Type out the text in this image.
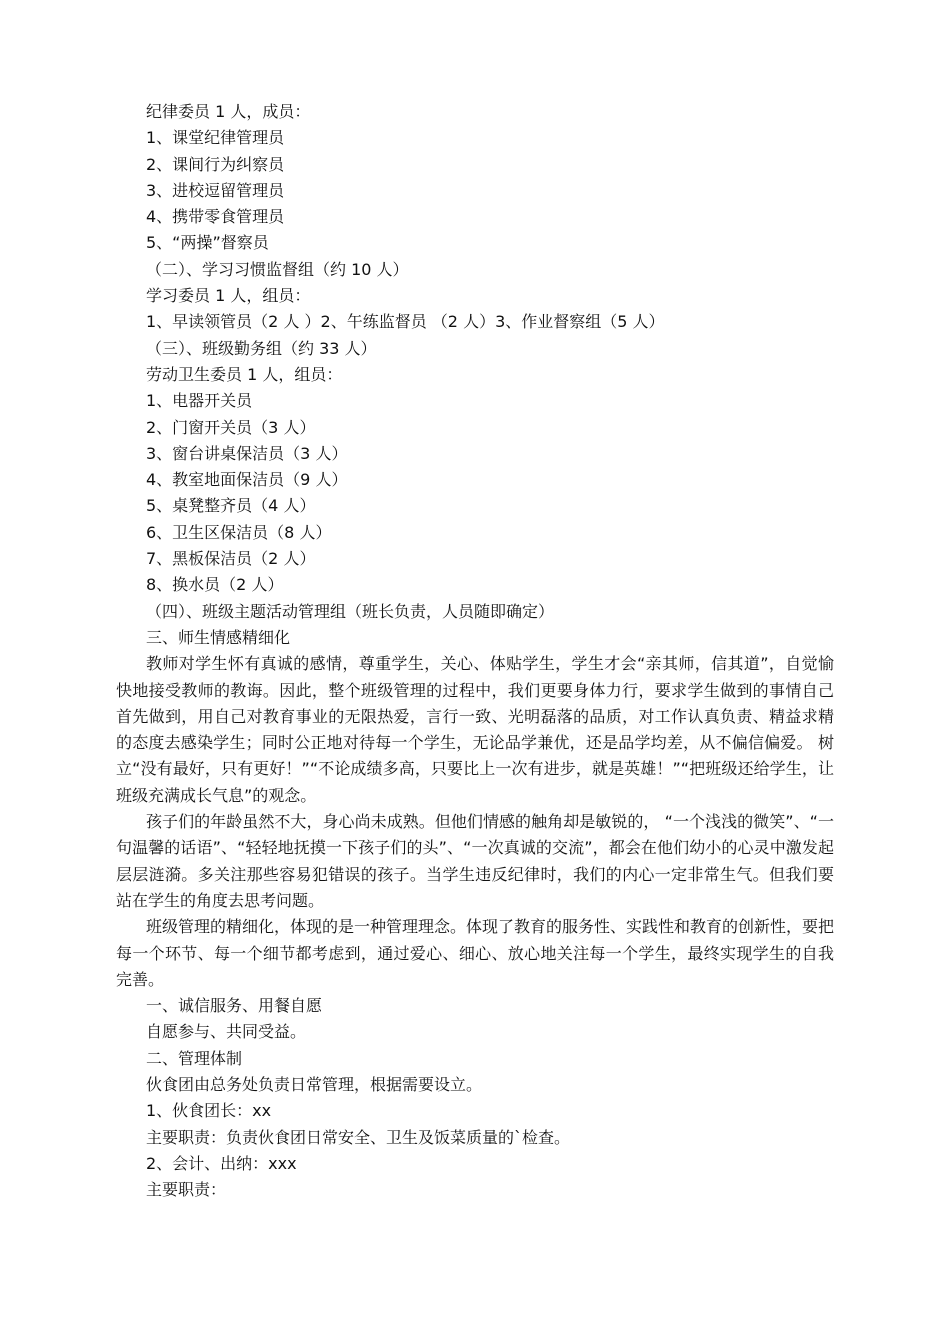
纪律委员 1 人，成员：
1、课堂纪律管理员
2、课间行为纠察员
3、进校逗留管理员
4、携带零食管理员
5、“两操”督察员
（二）、学习习惯监督组（约 10 人）
学习委员 1 人，组员：
1、早读领管员（2 人 ）2、午练监督员 （2 人）3、作业督察组（5 人）
（三）、班级勤务组（约 33 人）
劳动卫生委员 1 人，组员：
1、电器开关员
2、门窗开关员（3 人）
3、窗台讲桌保洁员（3 人）
4、教室地面保洁员（9 人）
5、桌凳整齐员（4 人）
6、卫生区保洁员（8 人）
7、黑板保洁员（2 人）
8、换水员（2 人）
（四）、班级主题活动管理组（班长负责，人员随即确定）
三、师生情感精细化

教师对学生怀有真诚的感情，尊重学生，关心、体贴学生，学生才会“亲其师，信其道”，自觉愉快地接受教师的教诲。因此，整个班级管理的过程中，我们更要身体力行，要求学生做到的事情自己首先做到，用自己对教育事业的无限热爱，言行一致、光明磊落的品质，对工作认真负责、精益求精的态度去感染学生；同时公正地对待每一个学生，无论品学兼优，还是品学均差，从不偏信偏爱。 树立“没有最好，只有更好！”“不论成绩多高，只要比上一次有进步，就是英雄！”“把班级还给学生，让班级充满成长气息”的观念。

孩子们的年龄虽然不大，身心尚未成熟。但他们情感的触角却是敏锐的， “一个浅浅的微笑”、“一句温馨的话语”、“轻轻地抚摸一下孩子们的头”、“一次真诚的交流”，都会在他们幼小的心灵中激发起层层涟漪。多关注那些容易犯错误的孩子。当学生违反纪律时，我们的内心一定非常生气。但我们要站在学生的角度去思考问题。

班级管理的精细化，体现的是一种管理理念。体现了教育的服务性、实践性和教育的创新性，要把每一个环节、每一个细节都考虑到，通过爱心、细心、放心地关注每一个学生，最终实现学生的自我完善。

一、诚信服务、用餐自愿
自愿参与、共同受益。
二、管理体制
伙食团由总务处负责日常管理，根据需要设立。
1、伙食团长：xx
主要职责：负责伙食团日常安全、卫生及饭菜质量的`检查。
2、会计、出纳：xxx
主要职责：
